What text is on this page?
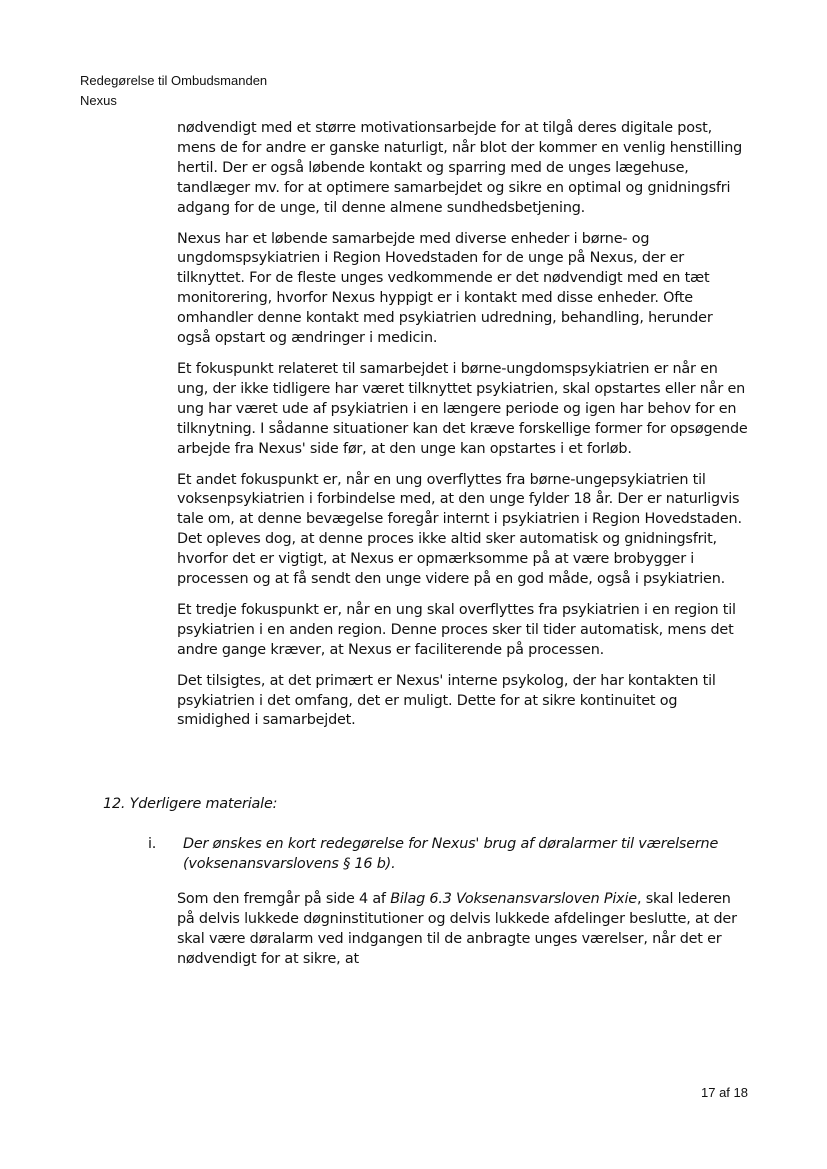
Redegørelse til Ombudsmanden
Nexus

nødvendigt med et større motivationsarbejde for at tilgå deres digitale post, mens de for andre er ganske naturligt, når blot der kommer en venlig henstilling hertil. Der er også løbende kontakt og sparring med de unges lægehuse, tandlæger mv. for at optimere samarbejdet og sikre en optimal og gnidningsfri adgang for de unge, til denne almene sundhedsbetjening.

Nexus har et løbende samarbejde med diverse enheder i børne- og ungdomspsykiatrien i Region Hovedstaden for de unge på Nexus, der er tilknyttet. For de fleste unges vedkommende er det nødvendigt med en tæt monitorering, hvorfor Nexus hyppigt er i kontakt med disse enheder. Ofte omhandler denne kontakt med psykiatrien udredning, behandling, herunder også opstart og ændringer i medicin.

Et fokuspunkt relateret til samarbejdet i børne-ungdomspsykiatrien er når en ung, der ikke tidligere har været tilknyttet psykiatrien, skal opstartes eller når en ung har været ude af psykiatrien i en længere periode og igen har behov for en tilknytning. I sådanne situationer kan det kræve forskellige former for opsøgende arbejde fra Nexus' side før, at den unge kan opstartes i et forløb.

Et andet fokuspunkt er, når en ung overflyttes fra børne-ungepsykiatrien til voksenpsykiatrien i forbindelse med, at den unge fylder 18 år. Der er naturligvis tale om, at denne bevægelse foregår internt i psykiatrien i Region Hovedstaden. Det opleves dog, at denne proces ikke altid sker automatisk og gnidningsfrit, hvorfor det er vigtigt, at Nexus er opmærksomme på at være brobygger i processen og at få sendt den unge videre på en god måde, også i psykiatrien.

Et tredje fokuspunkt er, når en ung skal overflyttes fra psykiatrien i en region til psykiatrien i en anden region. Denne proces sker til tider automatisk, mens det andre gange kræver, at Nexus er faciliterende på processen.

Det tilsigtes, at det primært er Nexus' interne psykolog, der har kontakten til psykiatrien i det omfang, det er muligt. Dette for at sikre kontinuitet og smidighed i samarbejdet.

12. Yderligere materiale:
i. Der ønskes en kort redegørelse for Nexus' brug af døralarmer til værelserne (voksenansvarslovens § 16 b).
Som den fremgår på side 4 af Bilag 6.3 Voksenansvarsloven Pixie, skal lederen på delvis lukkede døgninstitutioner og delvis lukkede afdelinger beslutte, at der skal være døralarm ved indgangen til de anbragte unges værelser, når det er nødvendigt for at sikre, at
17 af 18
